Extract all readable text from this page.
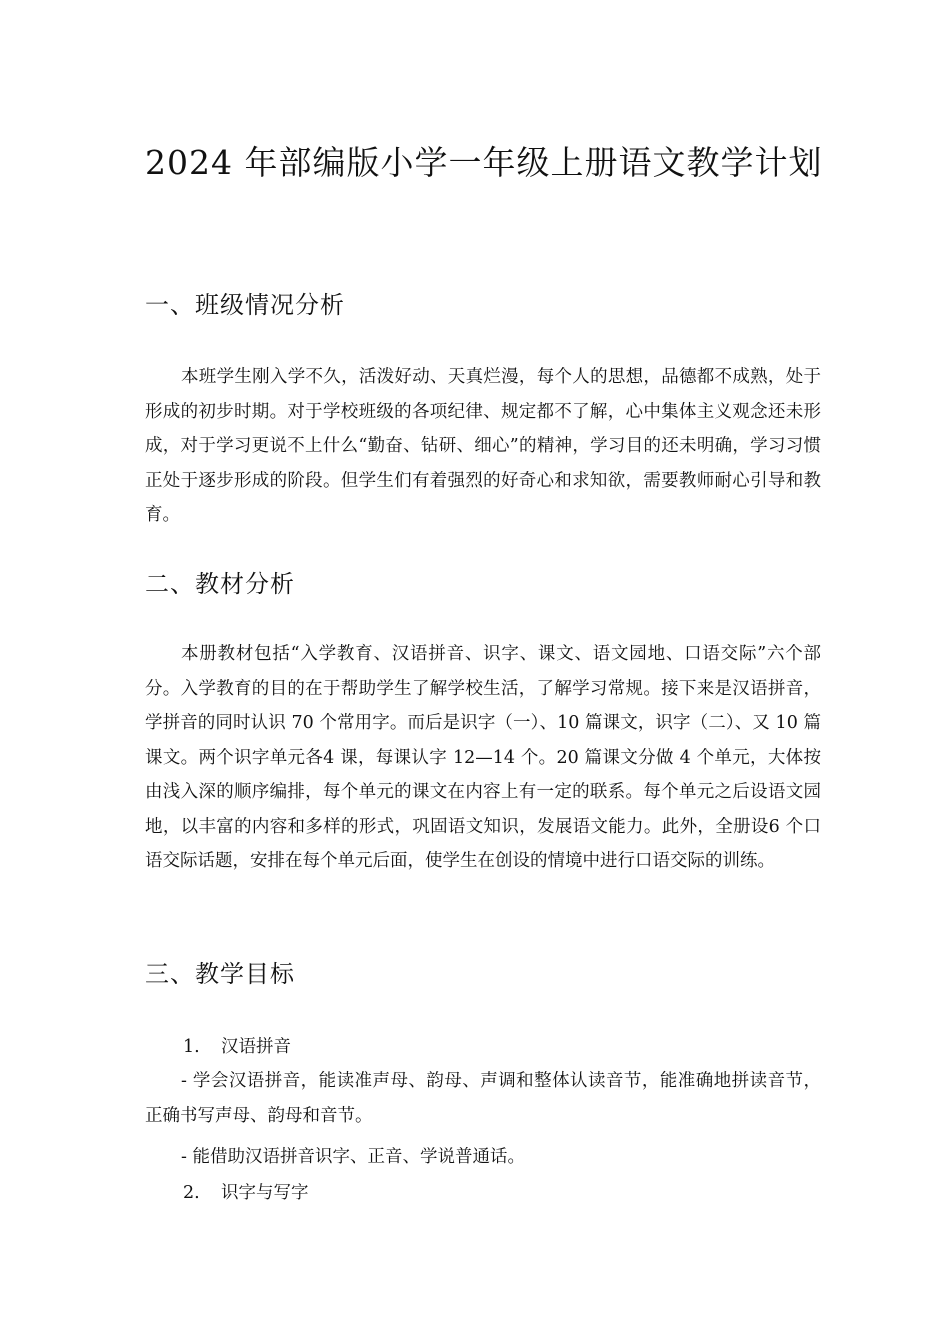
2024 年部编版小学一年级上册语文教学计划
一、班级情况分析

本班学生刚入学不久，活泼好动、天真烂漫，每个人的思想，品德都不成熟，处于形成的初步时期。对于学校班级的各项纪律、规定都不了解，心中集体主义观念还未形成，对于学习更说不上什么“勤奋、钻研、细心”的精神，学习目的还未明确，学习习惯正处于逐步形成的阶段。但学生们有着强烈的好奇心和求知欲，需要教师耐心引导和教育。

二、教材分析

本册教材包括“入学教育、汉语拼音、识字、课文、语文园地、口语交际”六个部分。入学教育的目的在于帮助学生了解学校生活，了解学习常规。接下来是汉语拼音，学拼音的同时认识 70 个常用字。而后是识字（一）、10 篇课文，识字（二）、又 10 篇课文。两个识字单元各4 课，每课认字 12—14 个。20 篇课文分做 4 个单元，大体按由浅入深的顺序编排，每个单元的课文在内容上有一定的联系。每个单元之后设语文园地，以丰富的内容和多样的形式，巩固语文知识，发展语文能力。此外，全册设6 个口语交际话题，安排在每个单元后面，使学生在创设的情境中进行口语交际的训练。

三、教学目标
1. 汉语拼音

- 学会汉语拼音，能读准声母、韵母、声调和整体认读音节，能准确地拼读音节，正确书写声母、韵母和音节。

- 能借助汉语拼音识字、正音、学说普通话。

2. 识字与写字
